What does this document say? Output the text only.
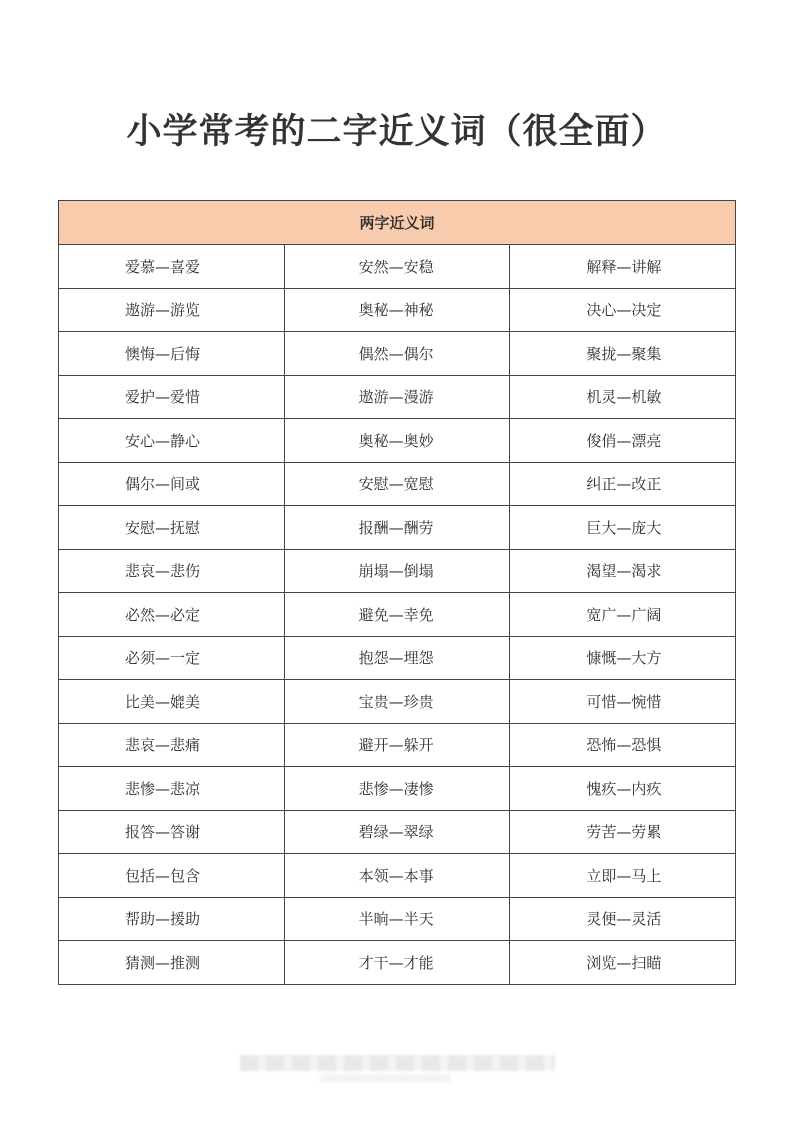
小学常考的二字近义词（很全面）
两字近义词		
爱慕—喜爱	安然—安稳	解释—讲解
遨游—游览	奥秘—神秘	决心—决定
懊悔—后悔	偶然—偶尔	聚拢—聚集
爱护—爱惜	遨游—漫游	机灵—机敏
安心—静心	奥秘—奥妙	俊俏—漂亮
偶尔—间或	安慰—宽慰	纠正—改正
安慰—抚慰	报酬—酬劳	巨大—庞大
悲哀—悲伤	崩塌—倒塌	渴望—渴求
必然—必定	避免—幸免	宽广—广阔
必须—一定	抱怨—埋怨	慷慨—大方
比美—媲美	宝贵—珍贵	可惜—惋惜
悲哀—悲痛	避开—躲开	恐怖—恐惧
悲惨—悲凉	悲惨—凄惨	愧疚—内疚
报答—答谢	碧绿—翠绿	劳苦—劳累
包括—包含	本领—本事	立即—马上
帮助—援助	半晌—半天	灵便—灵活
猜测—推测	才干—才能	浏览—扫瞄
